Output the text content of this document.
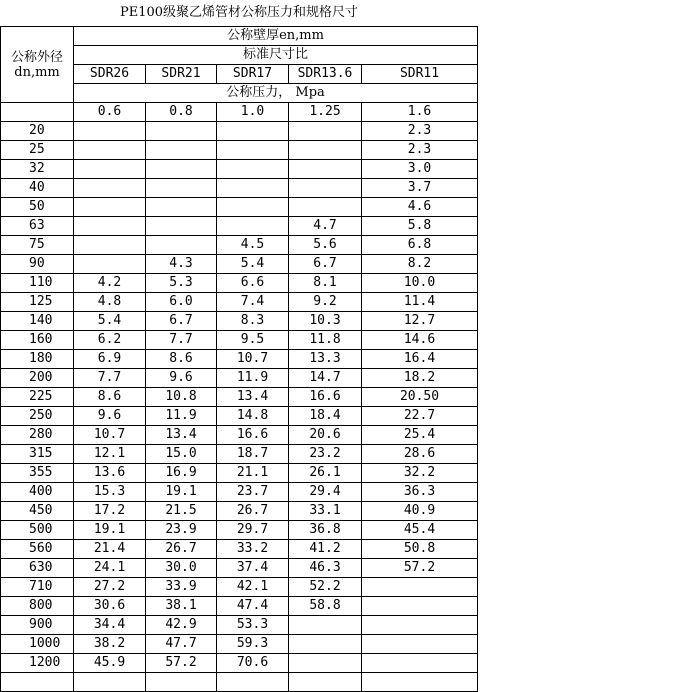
PE100级聚乙烯管材公称压力和规格尺寸					
公称外径
dn,mm	公称壁厚en,mm				
	标准尺寸比				
	SDR26	SDR21	SDR17	SDR13.6	SDR11
	公称压力， Mpa				
	0.6	0.8	1.0	1.25	1.6
20					2.3
25					2.3
32					3.0
40					3.7
50					4.6
63				4.7	5.8
75			4.5	5.6	6.8
90		4.3	5.4	6.7	8.2
110	4.2	5.3	6.6	8.1	10.0
125	4.8	6.0	7.4	9.2	11.4
140	5.4	6.7	8.3	10.3	12.7
160	6.2	7.7	9.5	11.8	14.6
180	6.9	8.6	10.7	13.3	16.4
200	7.7	9.6	11.9	14.7	18.2
225	8.6	10.8	13.4	16.6	20.50
250	9.6	11.9	14.8	18.4	22.7
280	10.7	13.4	16.6	20.6	25.4
315	12.1	15.0	18.7	23.2	28.6
355	13.6	16.9	21.1	26.1	32.2
400	15.3	19.1	23.7	29.4	36.3
450	17.2	21.5	26.7	33.1	40.9
500	19.1	23.9	29.7	36.8	45.4
560	21.4	26.7	33.2	41.2	50.8
630	24.1	30.0	37.4	46.3	57.2
710	27.2	33.9	42.1	52.2	
800	30.6	38.1	47.4	58.8	
900	34.4	42.9	53.3		
1000	38.2	47.7	59.3		
1200	45.9	57.2	70.6		
